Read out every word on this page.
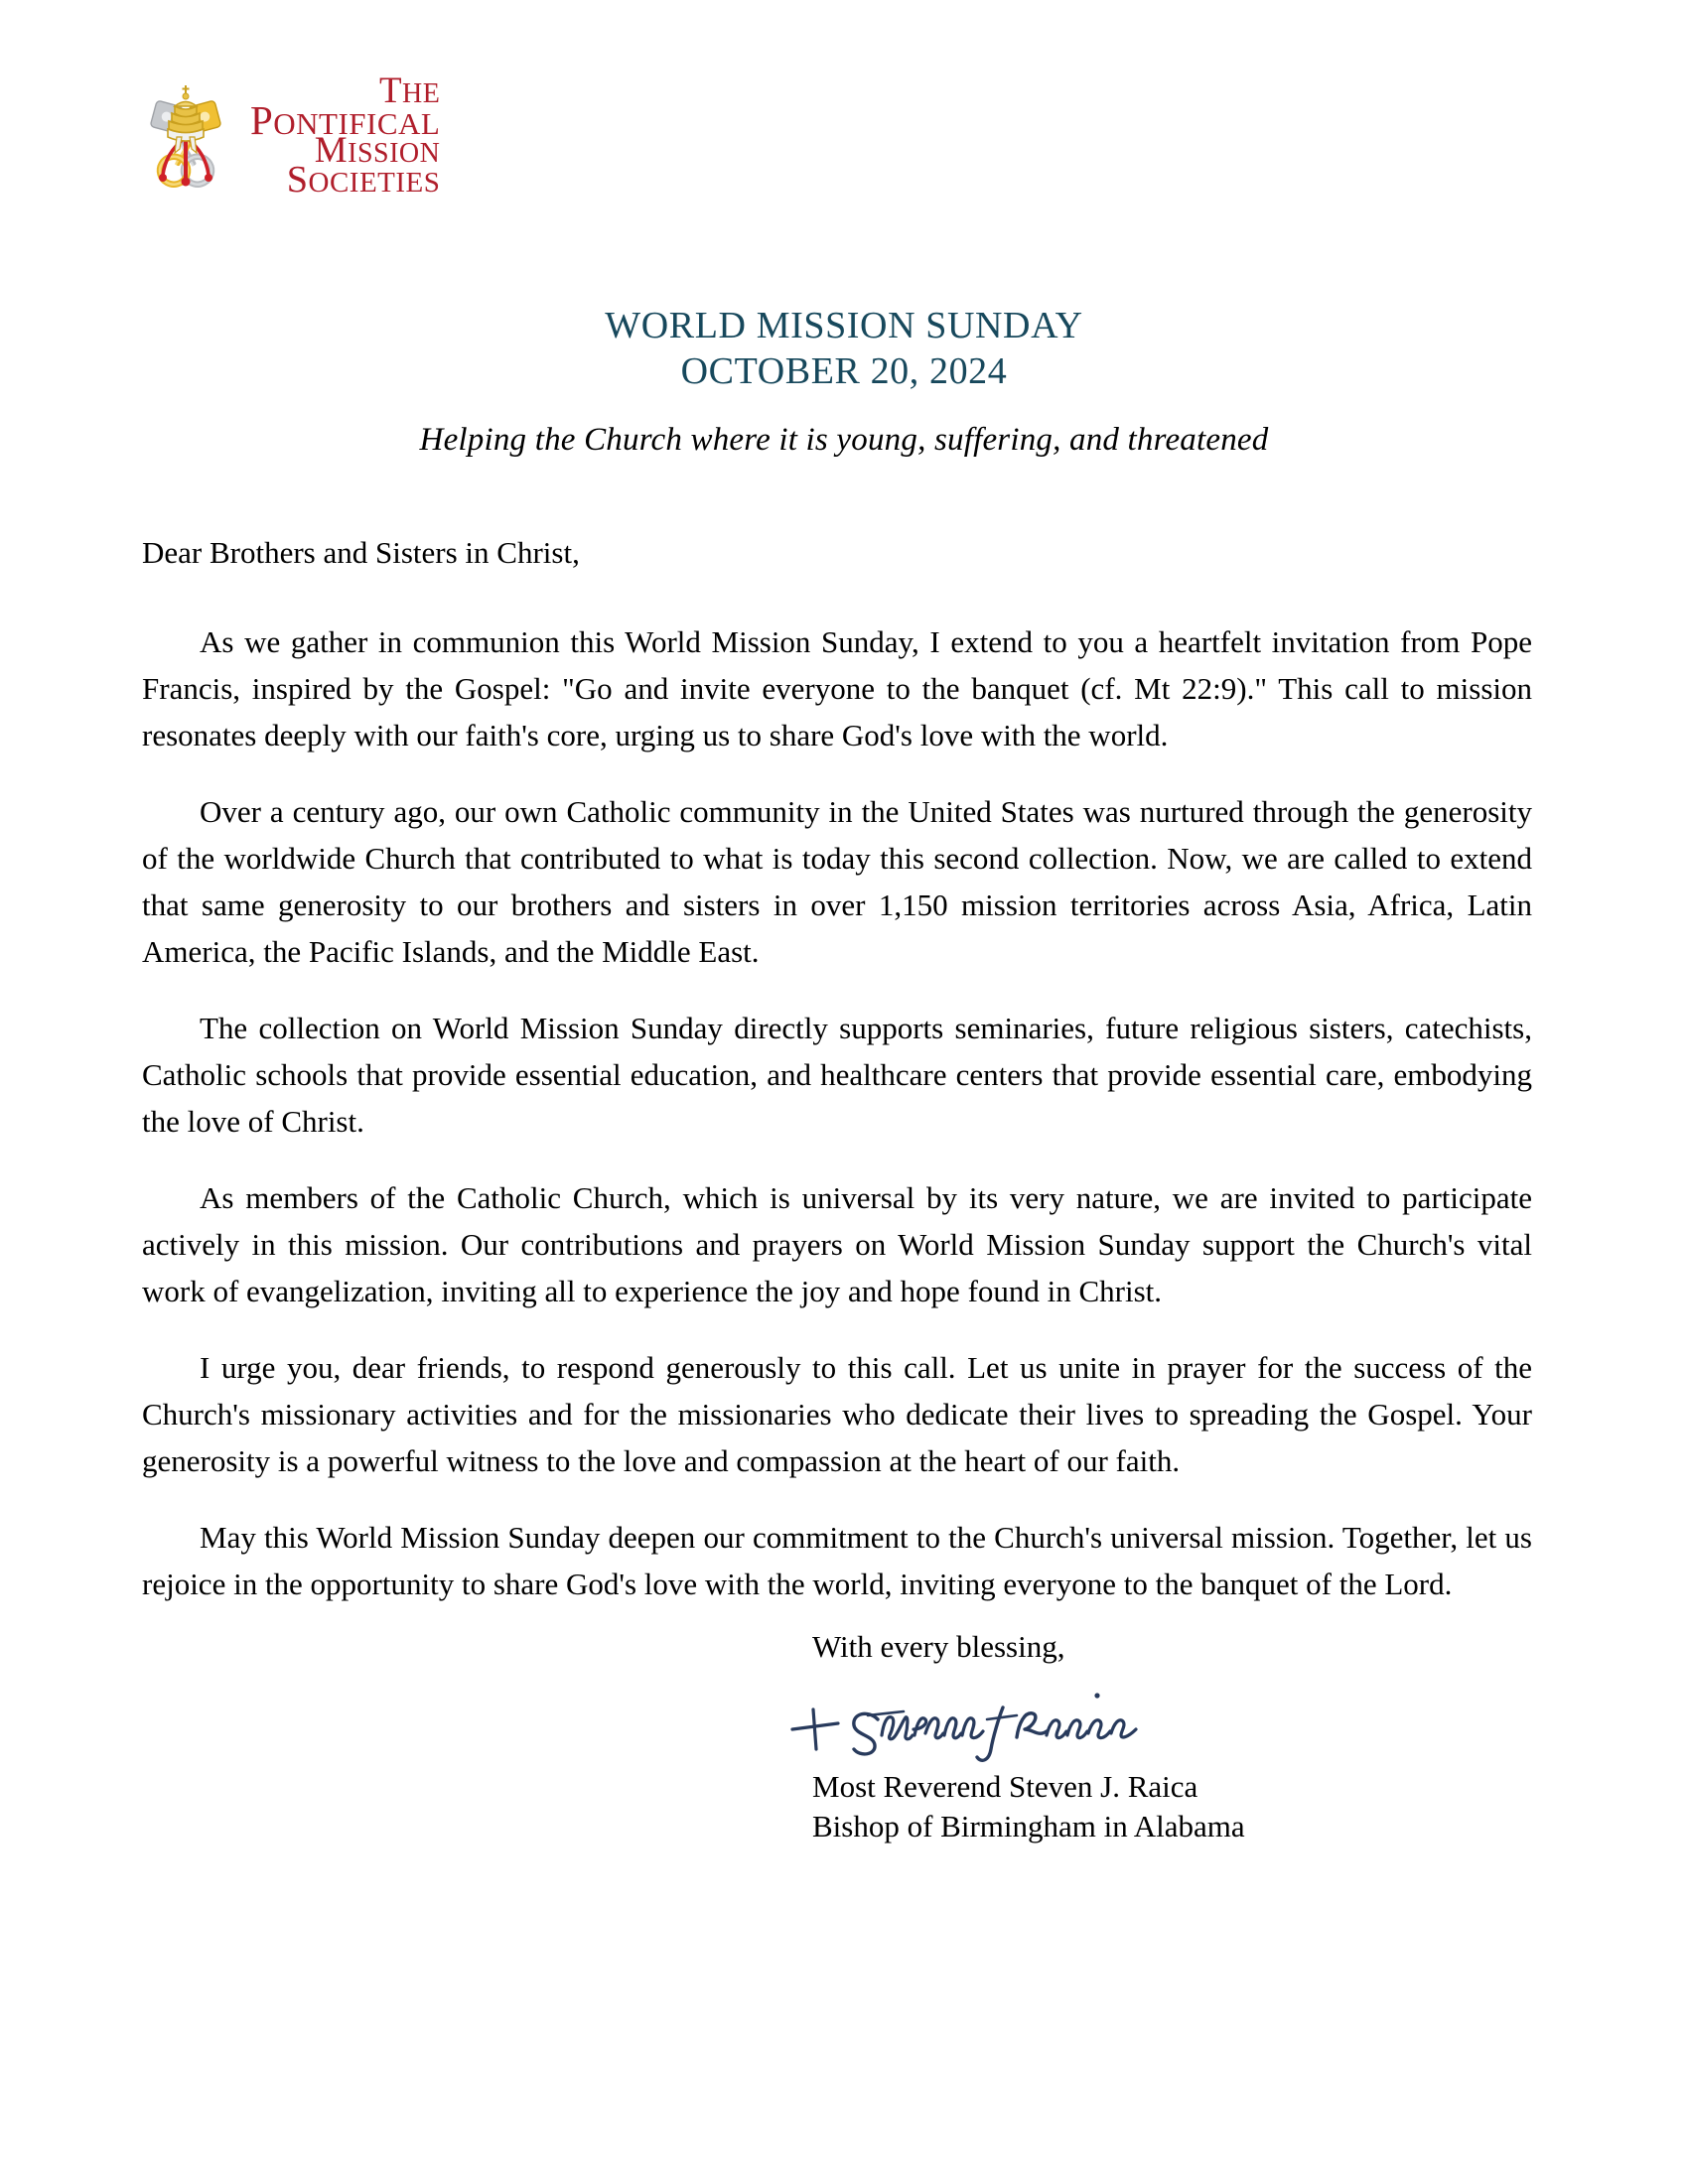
THE
PONTIFICAL
MISSION
SOCIETIES
WORLD MISSION SUNDAY
OCTOBER 20, 2024
Helping the Church where it is young, suffering, and threatened
Dear Brothers and Sisters in Christ,

As we gather in communion this World Mission Sunday, I extend to you a heartfelt invitation from Pope Francis, inspired by the Gospel: "Go and invite everyone to the banquet (cf. Mt 22:9)." This call to mission resonates deeply with our faith's core, urging us to share God's love with the world.

Over a century ago, our own Catholic community in the United States was nurtured through the generosity of the worldwide Church that contributed to what is today this second collection. Now, we are called to extend that same generosity to our brothers and sisters in over 1,150 mission territories across Asia, Africa, Latin America, the Pacific Islands, and the Middle East.

The collection on World Mission Sunday directly supports seminaries, future religious sisters, catechists, Catholic schools that provide essential education, and healthcare centers that provide essential care, embodying the love of Christ.

As members of the Catholic Church, which is universal by its very nature, we are invited to participate actively in this mission. Our contributions and prayers on World Mission Sunday support the Church's vital work of evangelization, inviting all to experience the joy and hope found in Christ.

I urge you, dear friends, to respond generously to this call. Let us unite in prayer for the success of the Church's missionary activities and for the missionaries who dedicate their lives to spreading the Gospel. Your generosity is a powerful witness to the love and compassion at the heart of our faith.

May this World Mission Sunday deepen our commitment to the Church's universal mission. Together, let us rejoice in the opportunity to share God's love with the world, inviting everyone to the banquet of the Lord.

With every blessing,
Most Reverend Steven J. Raica
Bishop of Birmingham in Alabama
